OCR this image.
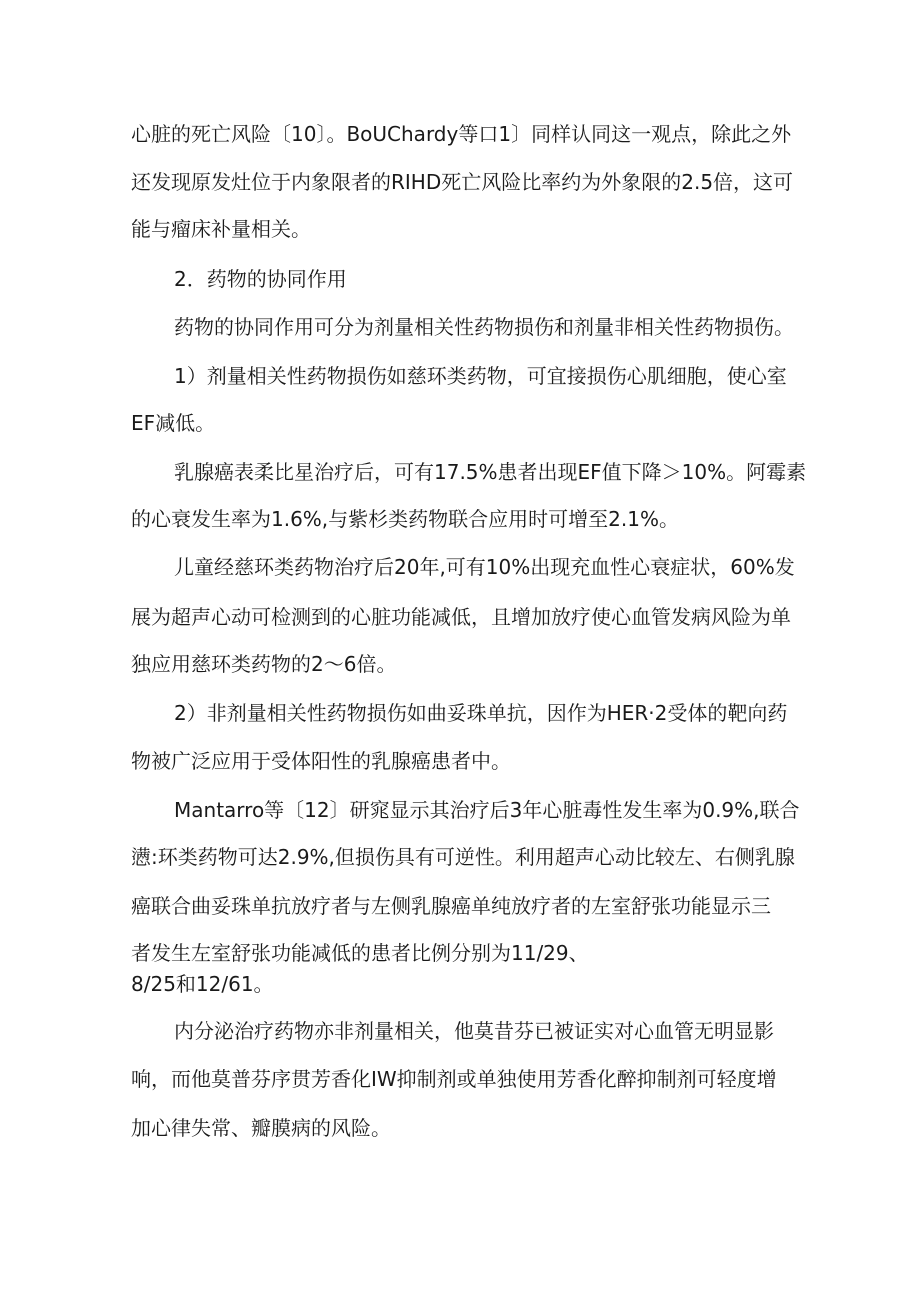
心脏的死亡风险〔10〕。BoUChardy等口1〕同样认同这一观点，除此之外
还发现原发灶位于内象限者的RIHD死亡风险比率约为外象限的2.5倍，这可
能与瘤床补量相关。
2．药物的协同作用
药物的协同作用可分为剂量相关性药物损伤和剂量非相关性药物损伤。
1）剂量相关性药物损伤如慈环类药物，可宜接损伤心肌细胞，使心室
EF减低。
乳腺癌表柔比星治疗后，可有17.5%患者出现EF值下降＞10%。阿霉素
的心衰发生率为1.6%,与紫杉类药物联合应用时可增至2.1%。
儿童经慈环类药物治疗后20年,可有10%出现充血性心衰症状，60%发
展为超声心动可检测到的心脏功能减低，且增加放疗使心血管发病风险为单
独应用慈环类药物的2～6倍。
2）非剂量相关性药物损伤如曲妥珠单抗，因作为HER·2受体的靶向药
物被广泛应用于受体阳性的乳腺癌患者中。
Mantarro等〔12〕研窕显示其治疗后3年心脏毒性发生率为0.9%,联合
懑:环类药物可达2.9%,但损伤具有可逆性。利用超声心动比较左、右侧乳腺
癌联合曲妥珠单抗放疗者与左侧乳腺癌单纯放疗者的左室舒张功能显示三
者发生左室舒张功能减低的患者比例分别为11/29、
8/25和12/61。
内分泌治疗药物亦非剂量相关，他莫昔芬已被证实对心血管无明显影
响，而他莫普芬序贯芳香化IW抑制剂或单独使用芳香化醉抑制剂可轻度增
加心律失常、瓣膜病的风险。
